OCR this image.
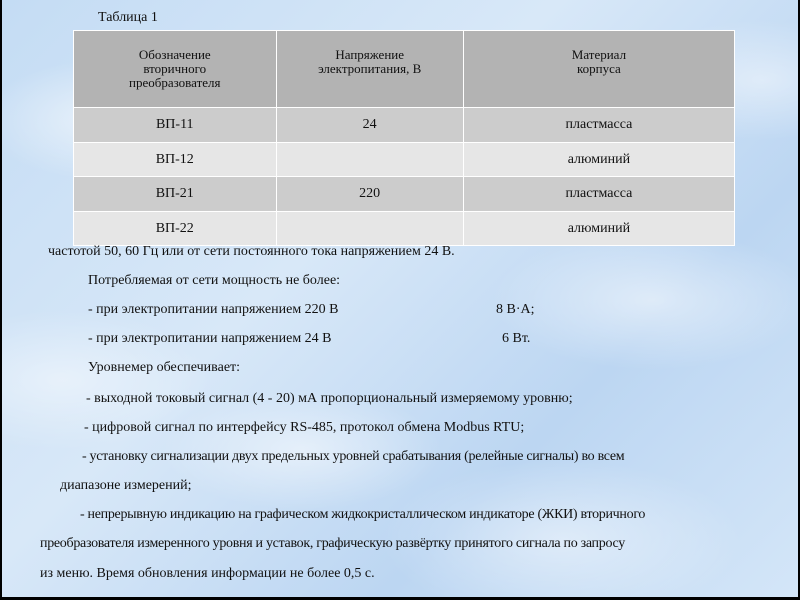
Таблица 1
Обозначение вторичного преобразователя	Напряжение электропитания, В	Материал корпуса
ВП-11	24	пластмасса
ВП-12		алюминий
ВП-21	220	пластмасса
ВП-22		алюминий
частотой 50, 60 Гц или от сети постоянного тока напряжением 24 В.
Потребляемая от сети мощность не более:
- при электропитании напряжением 220 В	8 В·А;
- при электропитании напряжением 24 В	6 Вт.
Уровнемер обеспечивает:
- выходной токовый сигнал (4 - 20) мА пропорциональный измеряемому уровню;
- цифровой сигнал по интерфейсу RS-485, протокол обмена Modbus RTU;
- установку сигнализации двух предельных уровней срабатывания (релейные сигналы) во всем
диапазоне измерений;
- непрерывную индикацию на графическом жидкокристаллическом индикаторе (ЖКИ) вторичного
преобразователя измеренного уровня и уставок, графическую развёртку принятого сигнала по запросу
из меню. Время обновления информации не более 0,5 с.
